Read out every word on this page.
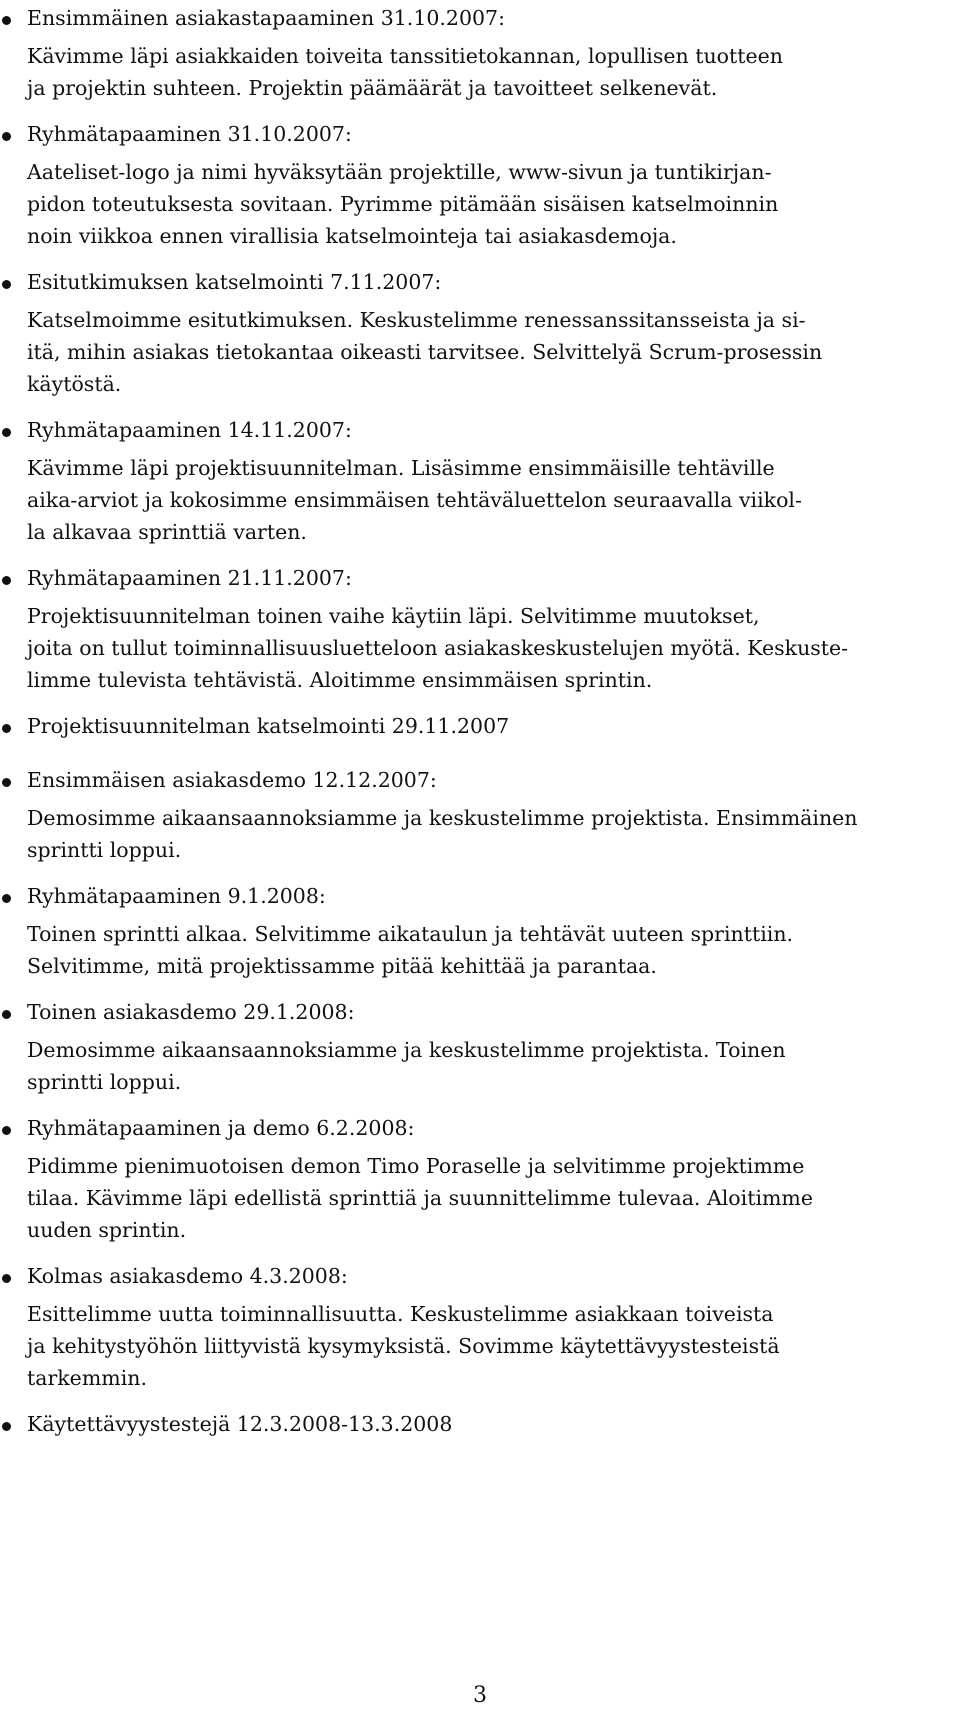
Ensimmäinen asiakastapaaminen 31.10.2007:
Kävimme läpi asiakkaiden toiveita tanssitietokannan, lopullisen tuotteen
ja projektin suhteen. Projektin päämäärät ja tavoitteet selkenevät.
Ryhmätapaaminen 31.10.2007:
Aateliset-logo ja nimi hyväksytään projektille, www-sivun ja tuntikirjan-
pidon toteutuksesta sovitaan. Pyrimme pitämään sisäisen katselmoinnin
noin viikkoa ennen virallisia katselmointeja tai asiakasdemoja.
Esitutkimuksen katselmointi 7.11.2007:
Katselmoimme esitutkimuksen. Keskustelimme renessanssitansseista ja si-
itä, mihin asiakas tietokantaa oikeasti tarvitsee. Selvittelyä Scrum-prosessin
käytöstä.
Ryhmätapaaminen 14.11.2007:
Kävimme läpi projektisuunnitelman. Lisäsimme ensimmäisille tehtäville
aika-arviot ja kokosimme ensimmäisen tehtäväluettelon seuraavalla viikol-
la alkavaa sprinttiä varten.
Ryhmätapaaminen 21.11.2007:
Projektisuunnitelman toinen vaihe käytiin läpi. Selvitimme muutokset,
joita on tullut toiminnallisuusluetteloon asiakaskeskustelujen myötä. Keskuste-
limme tulevista tehtävistä. Aloitimme ensimmäisen sprintin.
Projektisuunnitelman katselmointi 29.11.2007
Ensimmäisen asiakasdemo 12.12.2007:
Demosimme aikaansaannoksiamme ja keskustelimme projektista. Ensimmäinen
sprintti loppui.
Ryhmätapaaminen 9.1.2008:
Toinen sprintti alkaa. Selvitimme aikataulun ja tehtävät uuteen sprinttiin.
Selvitimme, mitä projektissamme pitää kehittää ja parantaa.
Toinen asiakasdemo 29.1.2008:
Demosimme aikaansaannoksiamme ja keskustelimme projektista. Toinen
sprintti loppui.
Ryhmätapaaminen ja demo 6.2.2008:
Pidimme pienimuotoisen demon Timo Poraselle ja selvitimme projektimme
tilaa. Kävimme läpi edellistä sprinttiä ja suunnittelimme tulevaa. Aloitimme
uuden sprintin.
Kolmas asiakasdemo 4.3.2008:
Esittelimme uutta toiminnallisuutta. Keskustelimme asiakkaan toiveista
ja kehitystyöhön liittyvistä kysymyksistä. Sovimme käytettävyystesteistä
tarkemmin.
Käytettävyystestejä 12.3.2008-13.3.2008
3
